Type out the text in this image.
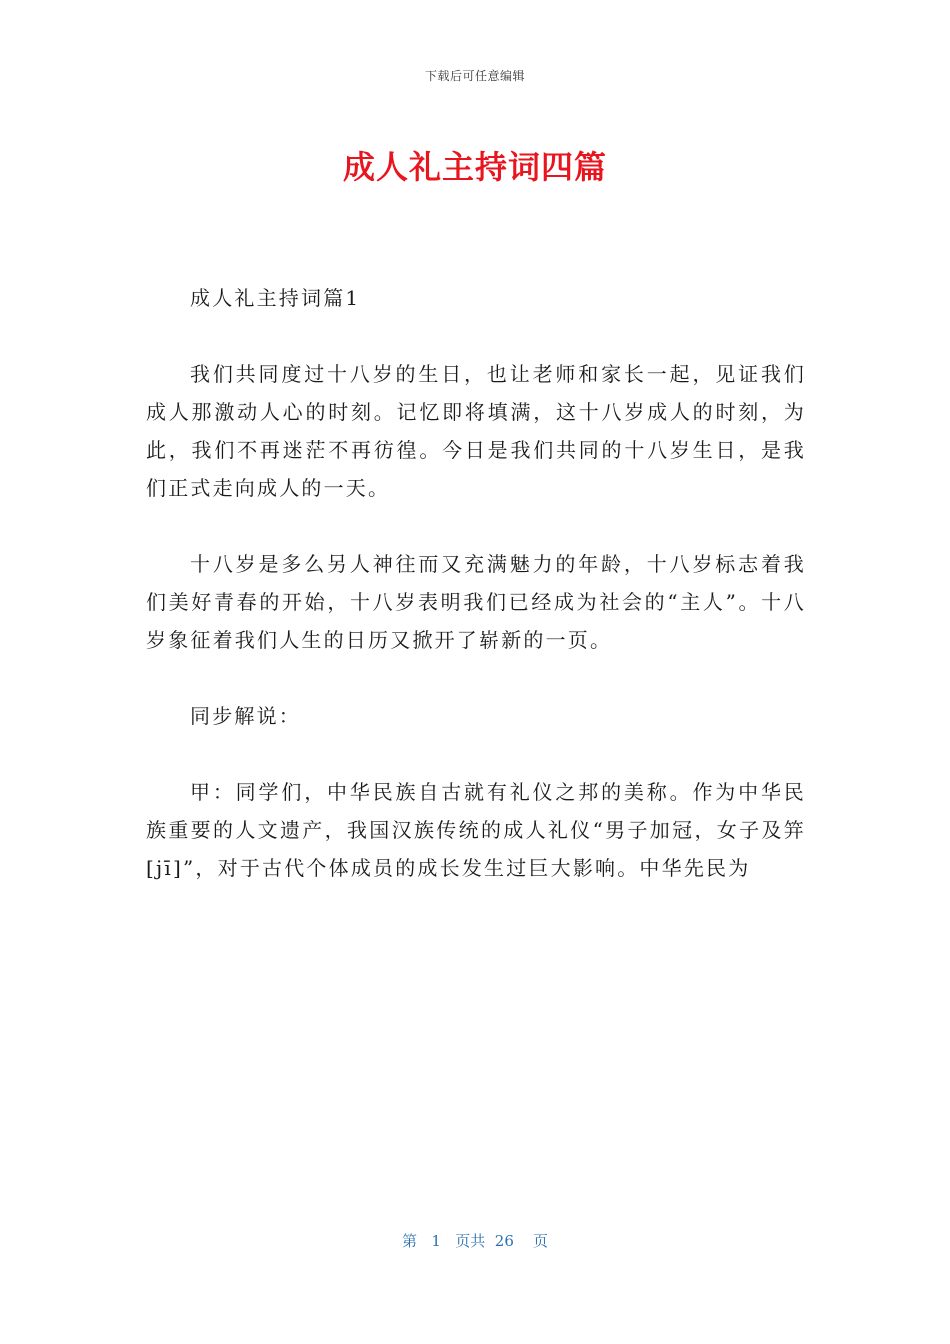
下载后可任意编辑
成人礼主持词四篇

成人礼主持词篇1

我们共同度过十八岁的生日，也让老师和家长一起，见证我们成人那激动人心的时刻。记忆即将填满，这十八岁成人的时刻，为此，我们不再迷茫不再彷徨。今日是我们共同的十八岁生日，是我们正式走向成人的一天。

十八岁是多么另人神往而又充满魅力的年龄，十八岁标志着我们美好青春的开始，十八岁表明我们已经成为社会的“主人”。十八岁象征着我们人生的日历又掀开了崭新的一页。

同步解说：

甲：同学们，中华民族自古就有礼仪之邦的美称。作为中华民族重要的人文遗产，我国汉族传统的成人礼仪“男子加冠，女子及笄[jī]”，对于古代个体成员的成长发生过巨大影响。中华先民为

第 1 页共 26 页
